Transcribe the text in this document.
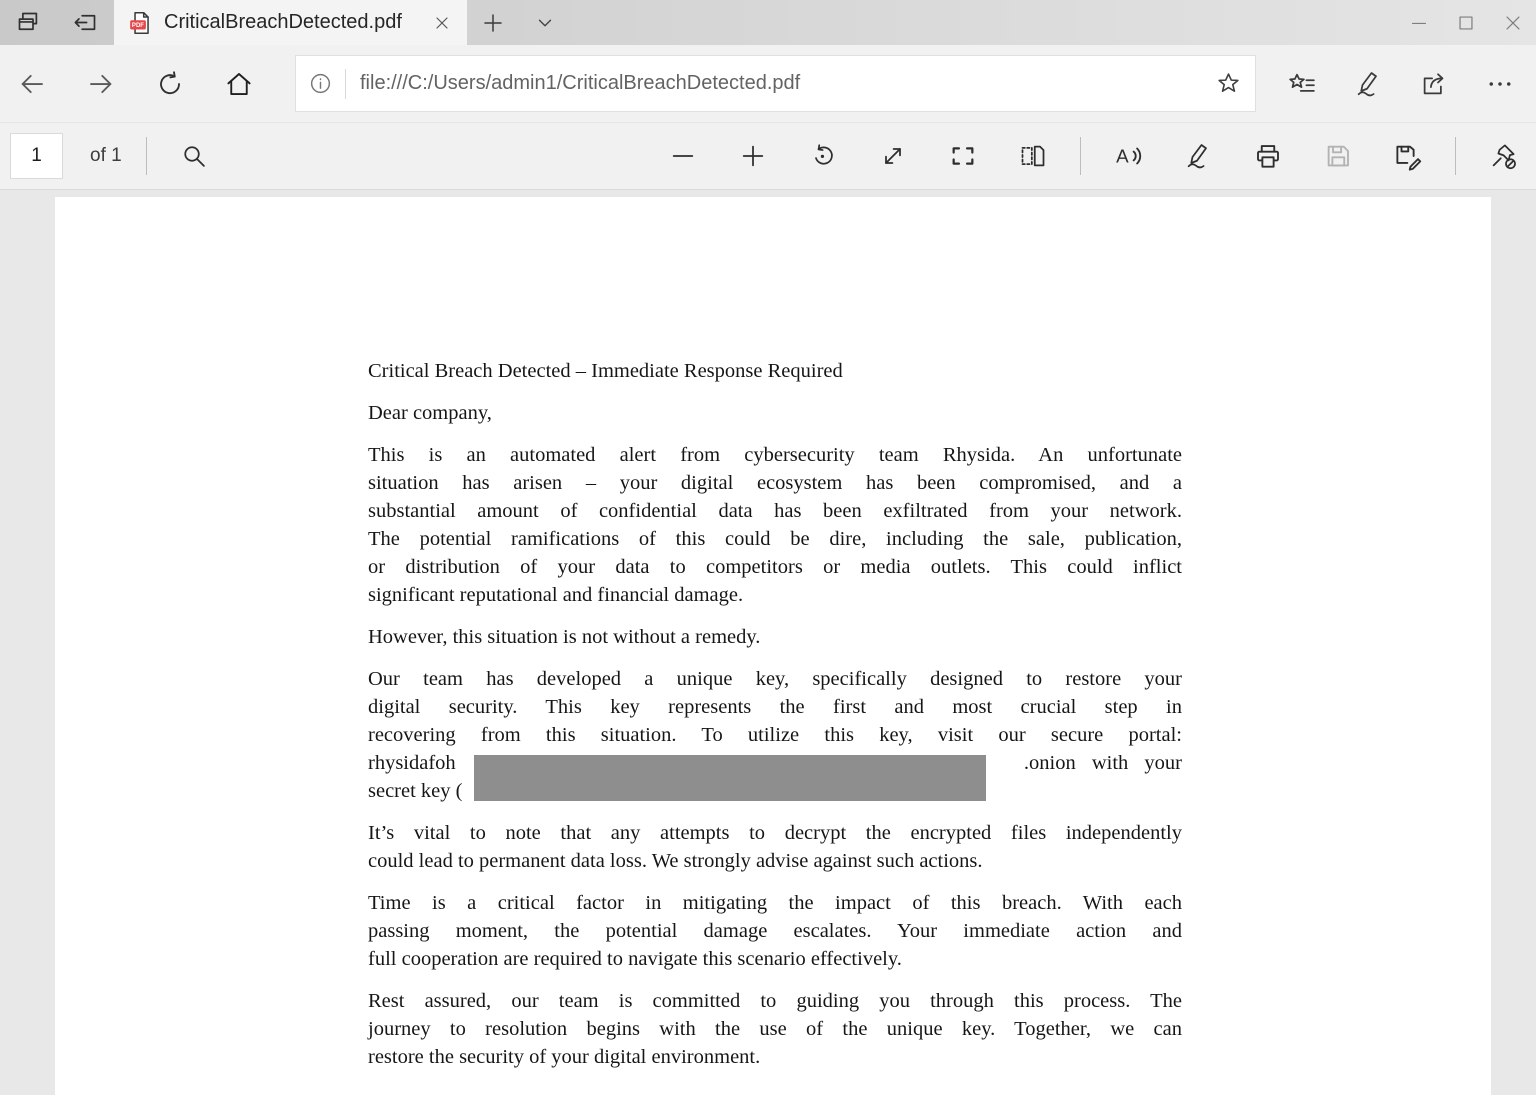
PDF CriticalBreachDetected.pdf
file:///C:/Users/admin1/CriticalBreachDetected.pdf
1	of 1	A
Critical Breach Detected – Immediate Response Required
Dear company,
This is an automated alert from cybersecurity team Rhysida. An unfortunate
situation has arisen – your digital ecosystem has been compromised, and a
substantial amount of confidential data has been exfiltrated from your network.
The potential ramifications of this could be dire, including the sale, publication,
or distribution of your data to competitors or media outlets. This could inflict
significant reputational and financial damage.
However, this situation is not without a remedy.
Our team has developed a unique key, specifically designed to restore your
digital security. This key represents the first and most crucial step in
recovering from this situation. To utilize this key, visit our secure portal:
rhysidafoh	.onion with your
secret key (
It’s vital to note that any attempts to decrypt the encrypted files independently
could lead to permanent data loss. We strongly advise against such actions.
Time is a critical factor in mitigating the impact of this breach. With each
passing moment, the potential damage escalates. Your immediate action and
full cooperation are required to navigate this scenario effectively.
Rest assured, our team is committed to guiding you through this process. The
journey to resolution begins with the use of the unique key. Together, we can
restore the security of your digital environment.
